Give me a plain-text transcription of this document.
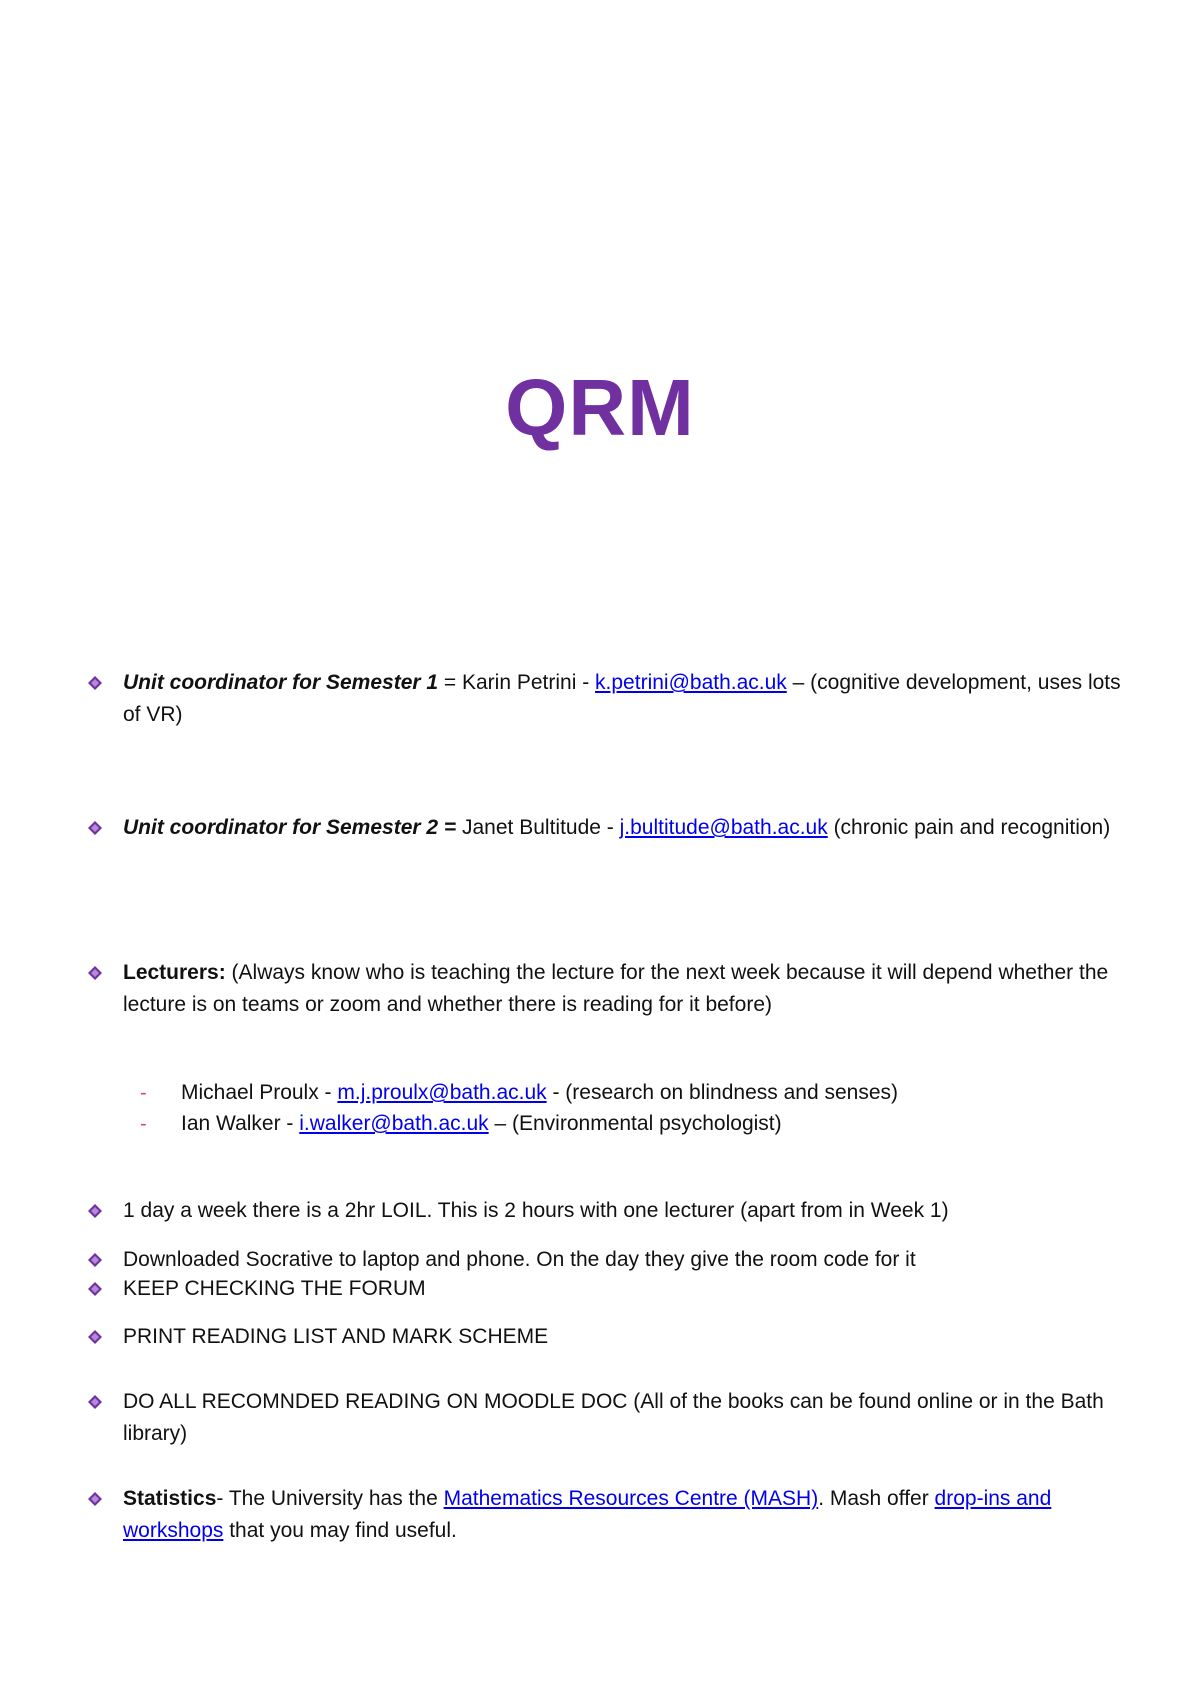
QRM
Unit coordinator for Semester 1 = Karin Petrini - k.petrini@bath.ac.uk – (cognitive development, uses lots of VR)
Unit coordinator for Semester 2 = Janet Bultitude - j.bultitude@bath.ac.uk (chronic pain and recognition)
Lecturers: (Always know who is teaching the lecture for the next week because it will depend whether the lecture is on teams or zoom and whether there is reading for it before)
- Michael Proulx - m.j.proulx@bath.ac.uk - (research on blindness and senses)
- Ian Walker - i.walker@bath.ac.uk – (Environmental psychologist)
1 day a week there is a 2hr LOIL. This is 2 hours with one lecturer (apart from in Week 1)
Downloaded Socrative to laptop and phone. On the day they give the room code for it
KEEP CHECKING THE FORUM
PRINT READING LIST AND MARK SCHEME
DO ALL RECOMNDED READING ON MOODLE DOC (All of the books can be found online or in the Bath library)
Statistics- The University has the Mathematics Resources Centre (MASH). Mash offer drop-ins and workshops that you may find useful.
